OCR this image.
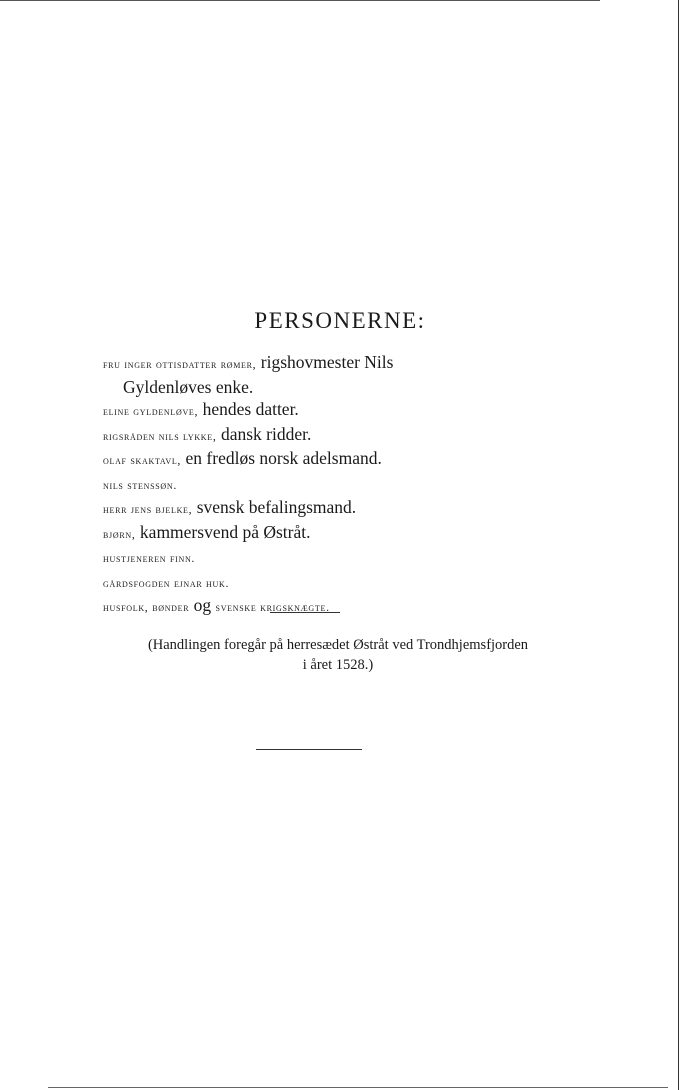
PERSONERNE:
fru inger ottisdatter rømer, rigshovmester Nils
Gyldenløves enke.
eline gyldenløve, hendes datter.
rigsråden nils lykke, dansk ridder.
olaf skaktavl, en fredløs norsk adelsmand.
nils stenssøn.
herr jens bjelke, svensk befalingsmand.
bjørn, kammersvend på Østråt.
hustjeneren finn.
gårdsfogden ejnar huk.
husfolk, bønder og svenske krigsknægte.
(Handlingen foregår på herresædet Østråt ved Trondhjemsfjorden
i året 1528.)
